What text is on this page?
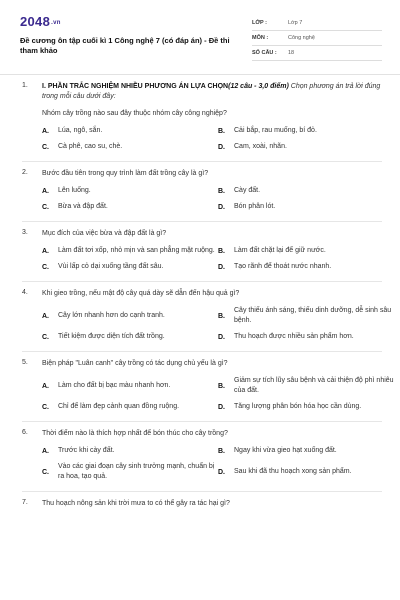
2048.vn
Đề cương ôn tập cuối kì 1 Công nghệ 7 (có đáp án) - Đề thi tham khảo
LỚP :	Lớp 7
MÔN :	Công nghệ
SỐ CÂU :	18
1.	I. PHẦN TRẮC NGHIỆM NHIỀU PHƯƠNG ÁN LỰA CHỌN(12 câu - 3,0 điểm) Chọn phương án trả lời đúng trong mỗi câu dưới đây:
Nhóm cây trồng nào sau đây thuộc nhóm cây công nghiệp?
A.	Lúa, ngô, sắn.	B.	Cải bắp, rau muống, bí đỏ.
C.	Cà phê, cao su, chè.	D.	Cam, xoài, nhãn.
2.	Bước đầu tiên trong quy trình làm đất trồng cây là gì?
A.	Lên luống.	B.	Cày đất.
C.	Bừa và đập đất.	D.	Bón phân lót.
3.	Mục đích của việc bừa và đập đất là gì?
A.	Làm đất tơi xốp, nhỏ mịn và san phẳng mặt ruộng. B.	Làm đất chặt lại để giữ nước.
C.	Vùi lấp cỏ dại xuống tầng đất sâu.	D.	Tạo rãnh để thoát nước nhanh.
4.	Khi gieo trồng, nếu mật độ cây quá dày sẽ dẫn đến hậu quả gì?
A.	Cây lớn nhanh hơn do cạnh tranh.	B.
Cây thiếu ánh sáng, thiếu dinh dưỡng, dễ sinh sâu bệnh.
C.	Tiết kiệm được diện tích đất trồng.	D.	Thu hoạch được nhiều sản phẩm hơn.
5.	Biện pháp "Luân canh" cây trồng có tác dụng chủ yếu là gì?
A.	Làm cho đất bị bạc màu nhanh hơn.	B.
Giảm sự tích lũy sâu bệnh và cải thiện độ phì nhiêu của đất.
C.	Chỉ để làm đẹp cảnh quan đồng ruộng.	D.	Tăng lượng phân bón hóa học cần dùng.
6.	Thời điểm nào là thích hợp nhất để bón thúc cho cây trồng?
A.	Trước khi cày đất.	B.	Ngay khi vừa gieo hạt xuống đất.
C.
Vào các giai đoạn cây sinh trưởng mạnh, chuẩn bị ra hoa, tạo quả.
D.	Sau khi đã thu hoạch xong sản phẩm.
7.	Thu hoạch nông sản khi trời mưa to có thể gây ra tác hại gì?
